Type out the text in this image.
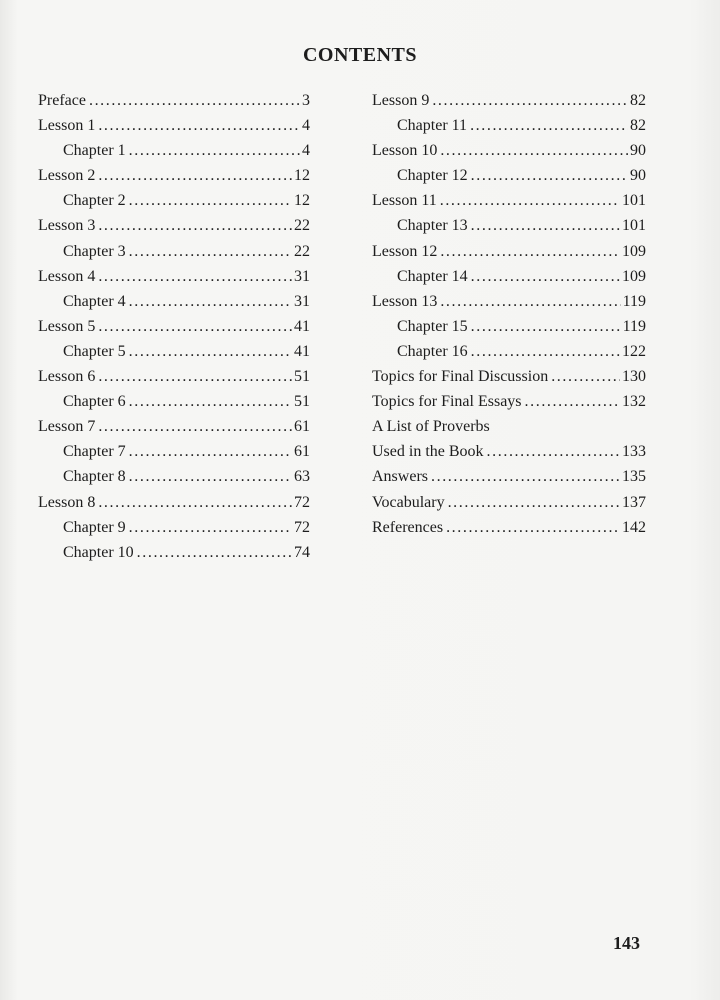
CONTENTS
Preface .....	3
Lesson 1 .....	4
Chapter 1 .....	4
Lesson 2 .....	12
Chapter 2 .....	12
Lesson 3 .....	22
Chapter 3 .....	22
Lesson 4 .....	31
Chapter 4 .....	31
Lesson 5 .....	41
Chapter 5 .....	41
Lesson 6 .....	51
Chapter 6 .....	51
Lesson 7 .....	61
Chapter 7 .....	61
Chapter 8 .....	63
Lesson 8 .....	72
Chapter 9 .....	72
Chapter 10 .....	74
Lesson 9 .....	82
Chapter 11 .....	82
Lesson 10 .....	90
Chapter 12 .....	90
Lesson 11 .....	101
Chapter 13 .....	101
Lesson 12 .....	109
Chapter 14 .....	109
Lesson 13 .....	119
Chapter 15 .....	119
Chapter 16 .....	122
Topics for Final Discussion .....	130
Topics for Final Essays .....	132
A List of Proverbs
Used in the Book .....	133
Answers .....	135
Vocabulary .....	137
References .....	142
143
